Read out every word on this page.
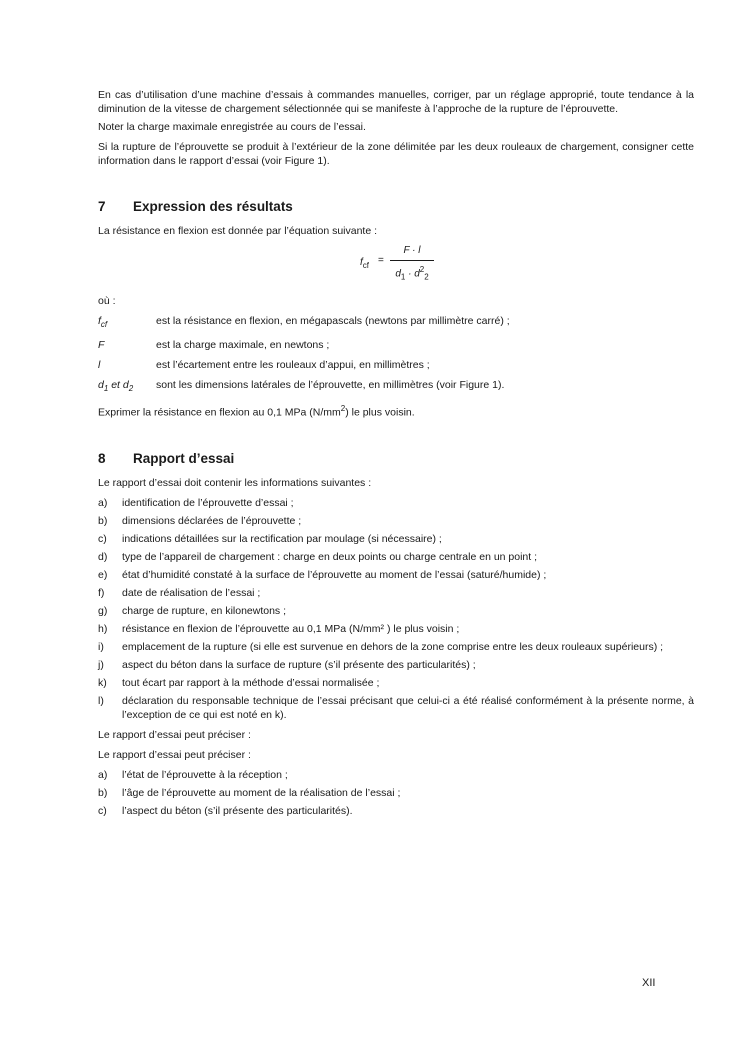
En cas d’utilisation d’une machine d’essais à commandes manuelles, corriger, par un réglage approprié, toute tendance à la diminution de la vitesse de chargement sélectionnée qui se manifeste à l’approche de la rupture de l’éprouvette.

Noter la charge maximale enregistrée au cours de l’essai.

Si la rupture de l’éprouvette se produit à l’extérieur de la zone délimitée par les deux rouleaux de chargement, consigner cette information dans le rapport d’essai (voir Figure 1).

7	Expression des résultats

La résistance en flexion est donnée par l’équation suivante :

$f_{cf} = \frac{F \cdot l}{d_1 \cdot d^2_2}$

où :

$f_{cf}$	est la résistance en flexion, en mégapascals (newtons par millimètre carré) ;
F	est la charge maximale, en newtons ;
l	est l’écartement entre les rouleaux d’appui, en millimètres ;
$d_1$ et $d_2$	sont les dimensions latérales de l’éprouvette, en millimètres (voir Figure 1).

Exprimer la résistance en flexion au 0,1 MPa $(N/mm^2)$ le plus voisin.

8	Rapport d’essai

Le rapport d’essai doit contenir les informations suivantes :

a)	identification de l’éprouvette d’essai ;
b)	dimensions déclarées de l’éprouvette ;
c)	indications détaillées sur la rectification par moulage (si nécessaire) ;
d)	type de l’appareil de chargement : charge en deux points ou charge centrale en un point ;
e)	état d’humidité constaté à la surface de l’éprouvette au moment de l’essai (saturé/humide) ;
f)	date de réalisation de l’essai ;
g)	charge de rupture, en kilonewtons ;
h)	résistance en flexion de l’éprouvette au 0,1 MPa (N/mm² ) le plus voisin ;
i)	emplacement de la rupture (si elle est survenue en dehors de la zone comprise entre les deux rouleaux supérieurs) ;
j)	aspect du béton dans la surface de rupture (s’il présente des particularités) ;
k)	tout écart par rapport à la méthode d’essai normalisée ;
l)	déclaration du responsable technique de l’essai précisant que celui-ci a été réalisé conformément à la présente norme, à l’exception de ce qui est noté en k).

Le rapport d’essai peut préciser :

Le rapport d’essai peut préciser :

a)	l’état de l’éprouvette à la réception ;
b)	l’âge de l’éprouvette au moment de la réalisation de l’essai ;
c)	l’aspect du béton (s’il présente des particularités).
XII
